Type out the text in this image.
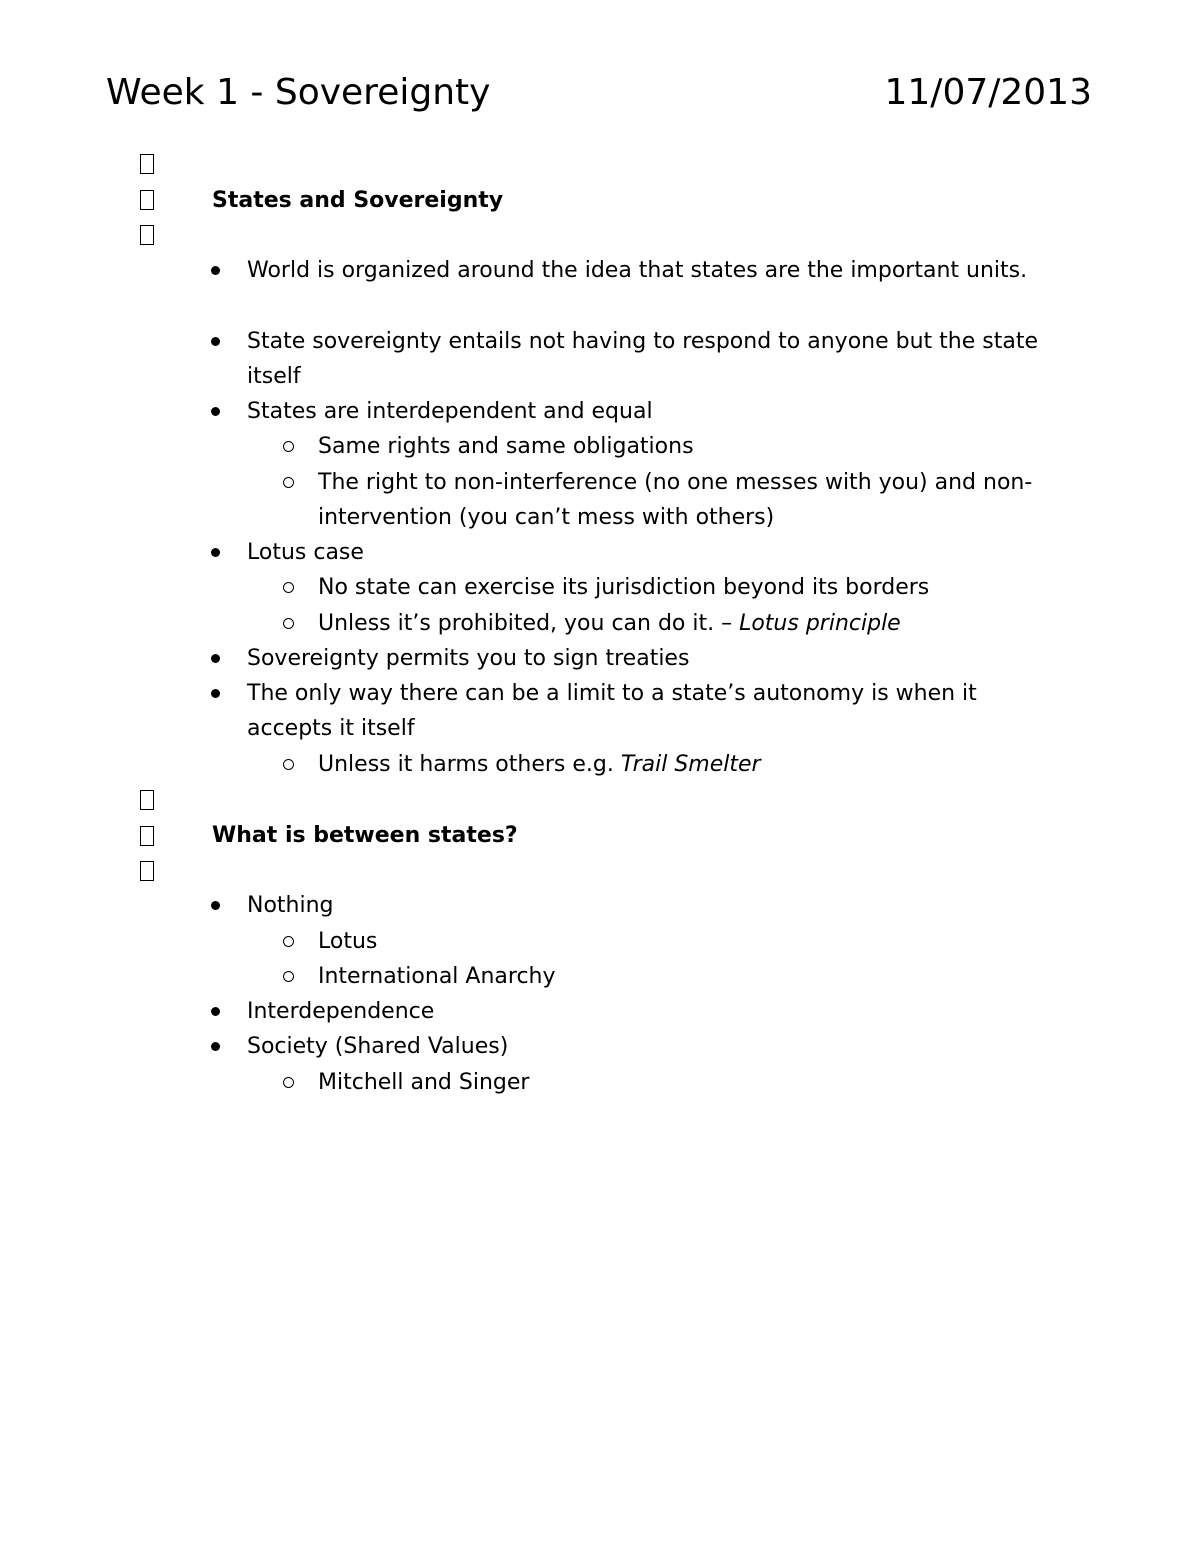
Week 1 - Sovereignty	11/07/2013
States and Sovereignty
World is organized around the idea that states are the important units.
State sovereignty entails not having to respond to anyone but the state itself
States are interdependent and equal
Same rights and same obligations
The right to non-interference (no one messes with you) and non-intervention (you can’t mess with others)
Lotus case
No state can exercise its jurisdiction beyond its borders
Unless it’s prohibited, you can do it. – Lotus principle
Sovereignty permits you to sign treaties
The only way there can be a limit to a state’s autonomy is when it accepts it itself
Unless it harms others e.g. Trail Smelter
What is between states?
Nothing
Lotus
International Anarchy
Interdependence
Society (Shared Values)
Mitchell and Singer
